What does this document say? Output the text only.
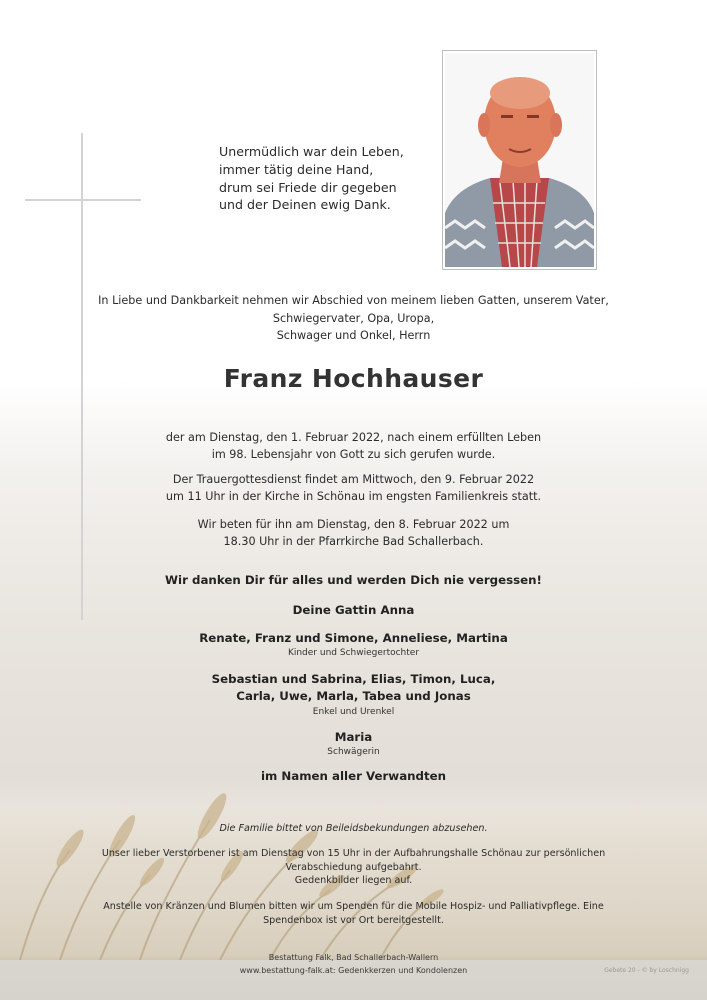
Unermüdlich war dein Leben,
immer tätig deine Hand,
drum sei Friede dir gegeben
und der Deinen ewig Dank.
In Liebe und Dankbarkeit nehmen wir Abschied von meinem lieben Gatten, unserem Vater,
Schwiegervater, Opa, Uropa,
Schwager und Onkel, Herrn
Franz Hochhauser
der am Dienstag, den 1. Februar 2022, nach einem erfüllten Leben
im 98. Lebensjahr von Gott zu sich gerufen wurde.
Der Trauergottesdienst findet am Mittwoch, den 9. Februar 2022
um 11 Uhr in der Kirche in Schönau im engsten Familienkreis statt.
Wir beten für ihn am Dienstag, den 8. Februar 2022 um
18.30 Uhr in der Pfarrkirche Bad Schallerbach.
Wir danken Dir für alles und werden Dich nie vergessen!
Deine Gattin Anna
Renate, Franz und Simone, Anneliese, Martina
Kinder und Schwiegertochter
Sebastian und Sabrina, Elias, Timon, Luca,
Carla, Uwe, Marla, Tabea und Jonas
Enkel und Urenkel
Maria
Schwägerin
im Namen aller Verwandten
Die Familie bittet von Beileidsbekundungen abzusehen.
Unser lieber Verstorbener ist am Dienstag von 15 Uhr in der Aufbahrungshalle Schönau zur persönlichen
Verabschiedung aufgebahrt.
Gedenkbilder liegen auf.
Anstelle von Kränzen und Blumen bitten wir um Spenden für die Mobile Hospiz- und Palliativpflege. Eine
Spendenbox ist vor Ort bereitgestellt.
Bestattung Falk, Bad Schallerbach-Wallern
www.bestattung-falk.at: Gedenkkerzen und Kondolenzen	Gebete 20 - © by Loschnigg
